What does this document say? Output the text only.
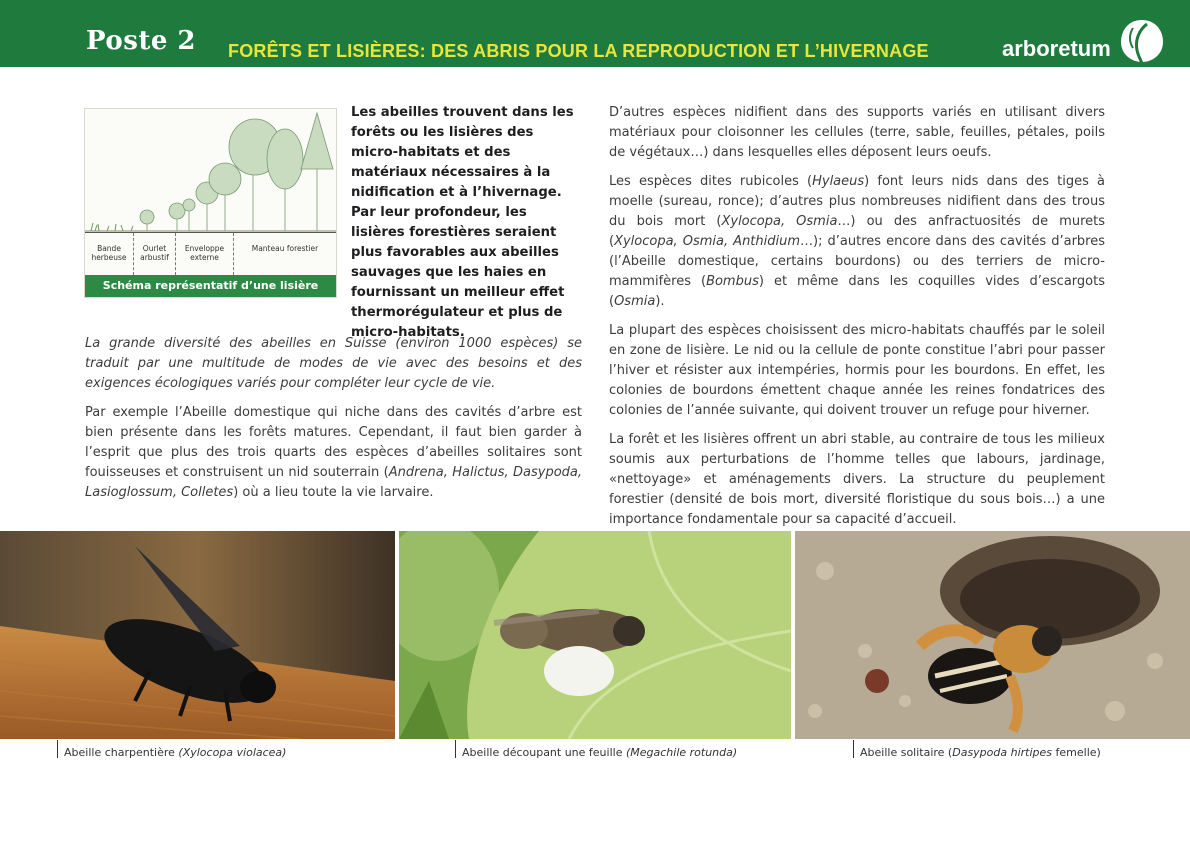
Poste 2 FORÊTS ET LISIÈRES: DES ABRIS POUR LA REPRODUCTION ET L’HIVERNAGE	arboretum
Bande herbeuse
Ourlet arbustif
Enveloppe externe
Manteau forestier
Schéma représentatif d’une lisière

Les abeilles trouvent dans les forêts ou les lisières des micro-habitats et des matériaux nécessaires à la nidification et à l’hivernage. Par leur profondeur, les lisières forestières seraient plus favorables aux abeilles sauvages que les haies en fournissant un meilleur effet thermorégulateur et plus de micro-habitats.

La grande diversité des abeilles en Suisse (environ 1000 espèces) se traduit par une multitude de modes de vie avec des besoins et des exigences écologiques variés pour compléter leur cycle de vie.

Par exemple l’Abeille domestique qui niche dans des cavités d’arbre est bien présente dans les forêts matures. Cependant, il faut bien garder à l’esprit que plus des trois quarts des espèces d’abeilles solitaires sont fouisseuses et construisent un nid souterrain (Andrena, Halictus, Dasypoda, Lasioglossum, Colletes) où a lieu toute la vie larvaire.

D’autres espèces nidifient dans des supports variés en utilisant divers matériaux pour cloisonner les cellules (terre, sable, feuilles, pétales, poils de végétaux…) dans lesquelles elles déposent leurs oeufs.

Les espèces dites rubicoles (Hylaeus) font leurs nids dans des tiges à moelle (sureau, ronce); d’autres plus nombreuses nidifient dans des trous du bois mort (Xylocopa, Osmia…) ou des anfractuosités de murets (Xylocopa, Osmia, Anthidium…); d’autres encore dans des cavités d’arbres (l’Abeille domestique, certains bourdons) ou des terriers de micro-mammifères (Bombus) et même dans les coquilles vides d’escargots (Osmia).

La plupart des espèces choisissent des micro-habitats chauffés par le soleil en zone de lisière. Le nid ou la cellule de ponte constitue l’abri pour passer l’hiver et résister aux intempéries, hormis pour les bourdons. En effet, les colonies de bourdons émettent chaque année les reines fondatrices des colonies de l’année suivante, qui doivent trouver un refuge pour hiverner.

La forêt et les lisières offrent un abri stable, au contraire de tous les milieux soumis aux perturbations de l’homme telles que labours, jardinage, «nettoyage» et aménagements divers. La structure du peuplement forestier (densité de bois mort, diversité floristique du sous bois…) a une importance fondamentale pour sa capacité d’accueil.

Abeille charpentière (Xylocopa violacea)	Abeille découpant une feuille (Megachile rotunda)	Abeille solitaire (Dasypoda hirtipes femelle)
